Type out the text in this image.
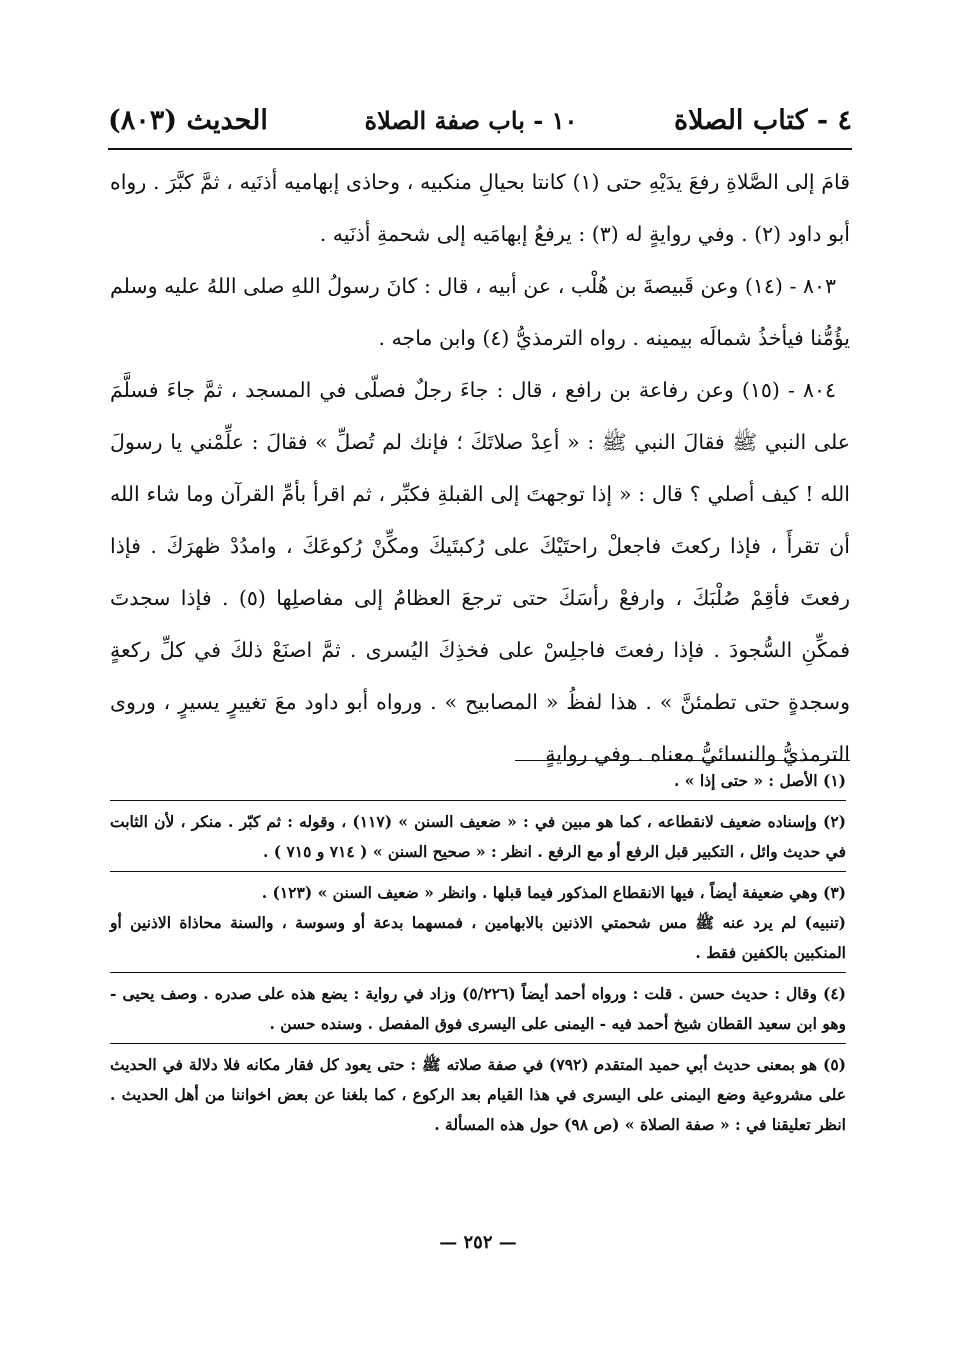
٤ - كتاب الصلاة
١٠ - باب صفة الصلاة
الحديث (٨٠٣)

قامَ إلى الصَّلاةِ رفعَ يدَيْهِ حتى (١) كانتا بحيالِ منكبيه ، وحاذى إبهاميه أذنَيه ، ثمَّ كبَّرَ . رواه أبو داود (٢) . وفي روايةٍ له (٣) : يرفعُ إبهامَيه إلى شحمةِ أذنَيه .

٨٠٣ - (١٤) وعن قَبيصةَ بن هُلْب ، عن أبيه ، قال : كانَ رسولُ اللهِ صلى اللهُ عليه وسلم يؤُمُّنا فيأخذُ شمالَه بيمينه . رواه الترمذيُّ (٤) وابن ماجه .

٨٠٤ - (١٥) وعن رفاعة بن رافع ، قال : جاءَ رجلٌ فصلّى في المسجد ، ثمَّ جاءَ فسلَّمَ على النبي ﷺ فقالَ النبي ﷺ : « أعِدْ صلاتَكَ ؛ فإنك لم تُصلِّ » فقالَ : علِّمْني يا رسولَ الله ! كيف أصلي ؟ قال : « إذا توجهتَ إلى القبلةِ فكبِّر ، ثم اقرأ بأمِّ القرآن وما شاء الله أن تقرأَ ، فإذا ركعتَ فاجعلْ راحتَيْكَ على رُكبتَيكَ ومكِّنْ رُكوعَكَ ، وامدُدْ ظهرَكَ . فإذا رفعتَ فأقِمْ صُلْبَكَ ، وارفعْ رأسَكَ حتى ترجعَ العظامُ إلى مفاصلِها (٥) . فإذا سجدتَ فمكِّنِ السُّجودَ . فإذا رفعتَ فاجلِسْ على فخذِكَ اليُسرى . ثمَّ اصنَعْ ذلكَ في كلِّ ركعةٍ وسجدةٍ حتى تطمئنَّ » . هذا لفظُ « المصابيح » . ورواه أبو داود معَ تغييرٍ يسيرٍ ، وروى الترمذيُّ والنسائيُّ معناه . وفي روايةٍ

(١) الأصل : « حتى إذا » .

(٢) وإسناده ضعيف لانقطاعه ، كما هو مبين في : « ضعيف السنن » (١١٧) ، وقوله : ثم كبّر . منكر ، لأن الثابت في حديث وائل ، التكبير قبل الرفع أو مع الرفع . انظر : « صحيح السنن » ( ٧١٤ و ٧١٥ ) .

(٣) وهي ضعيفة أيضاً ، فيها الانقطاع المذكور فيما قبلها . وانظر « ضعيف السنن » (١٢٣) .

(تنبيه) لم يرد عنه ﷺ مس شحمتي الاذنين بالابهامين ، فمسهما بدعة أو وسوسة ، والسنة محاذاة الاذنين أو المنكبين بالكفين فقط .

(٤) وقال : حديث حسن . قلت : ورواه أحمد أيضاً (٥/٢٢٦) وزاد في رواية : يضع هذه على صدره . وصف يحيى - وهو ابن سعيد القطان شيخ أحمد فيه - اليمنى على اليسرى فوق المفصل . وسنده حسن .

(٥) هو بمعنى حديث أبي حميد المتقدم (٧٩٢) في صفة صلاته ﷺ : حتى يعود كل فقار مكانه فلا دلالة في الحديث على مشروعية وضع اليمنى على اليسرى في هذا القيام بعد الركوع ، كما بلغنا عن بعض اخواننا من أهل الحديث . انظر تعليقنا في : « صفة الصلاة » (ص ٩٨) حول هذه المسألة .

— ٢٥٢ —
